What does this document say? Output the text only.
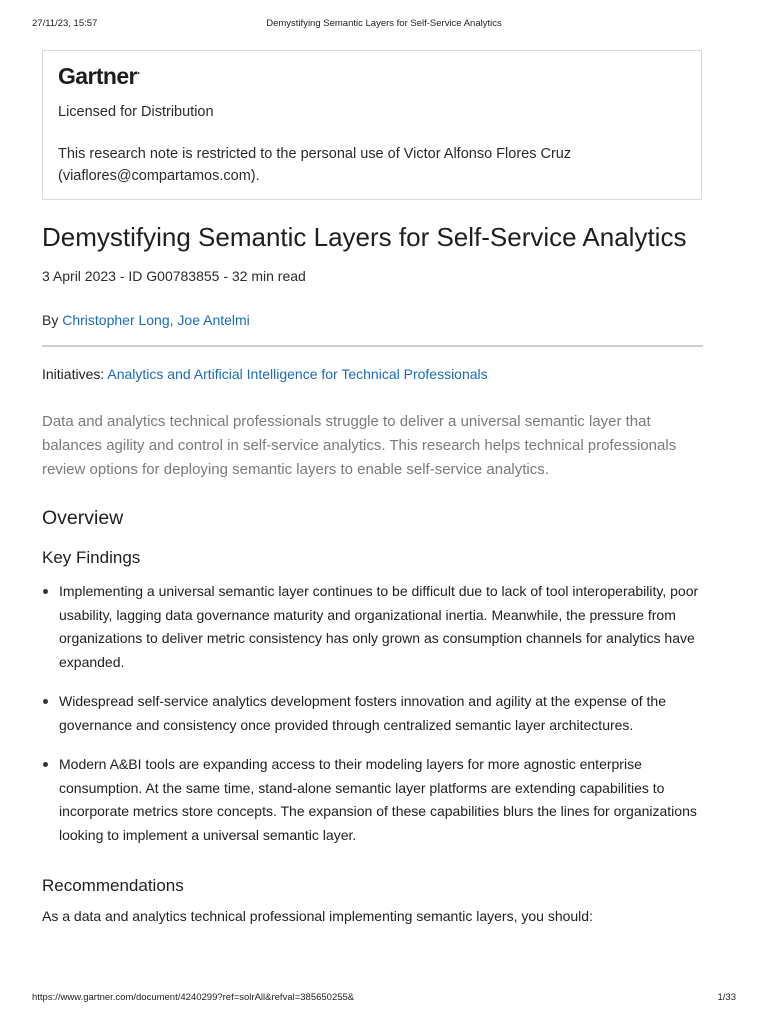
27/11/23, 15:57	Demystifying Semantic Layers for Self-Service Analytics
Gartner.
Licensed for Distribution
This research note is restricted to the personal use of Victor Alfonso Flores Cruz (viaflores@compartamos.com).
Demystifying Semantic Layers for Self-Service Analytics
3 April 2023 - ID G00783855 - 32 min read
By Christopher Long, Joe Antelmi
Initiatives: Analytics and Artificial Intelligence for Technical Professionals
Data and analytics technical professionals struggle to deliver a universal semantic layer that balances agility and control in self-service analytics. This research helps technical professionals review options for deploying semantic layers to enable self-service analytics.
Overview
Key Findings
Implementing a universal semantic layer continues to be difficult due to lack of tool interoperability, poor usability, lagging data governance maturity and organizational inertia. Meanwhile, the pressure from organizations to deliver metric consistency has only grown as consumption channels for analytics have expanded.
Widespread self-service analytics development fosters innovation and agility at the expense of the governance and consistency once provided through centralized semantic layer architectures.
Modern A&BI tools are expanding access to their modeling layers for more agnostic enterprise consumption. At the same time, stand-alone semantic layer platforms are extending capabilities to incorporate metrics store concepts. The expansion of these capabilities blurs the lines for organizations looking to implement a universal semantic layer.
Recommendations
As a data and analytics technical professional implementing semantic layers, you should:
https://www.gartner.com/document/4240299?ref=solrAll&refval=385650255&	1/33
